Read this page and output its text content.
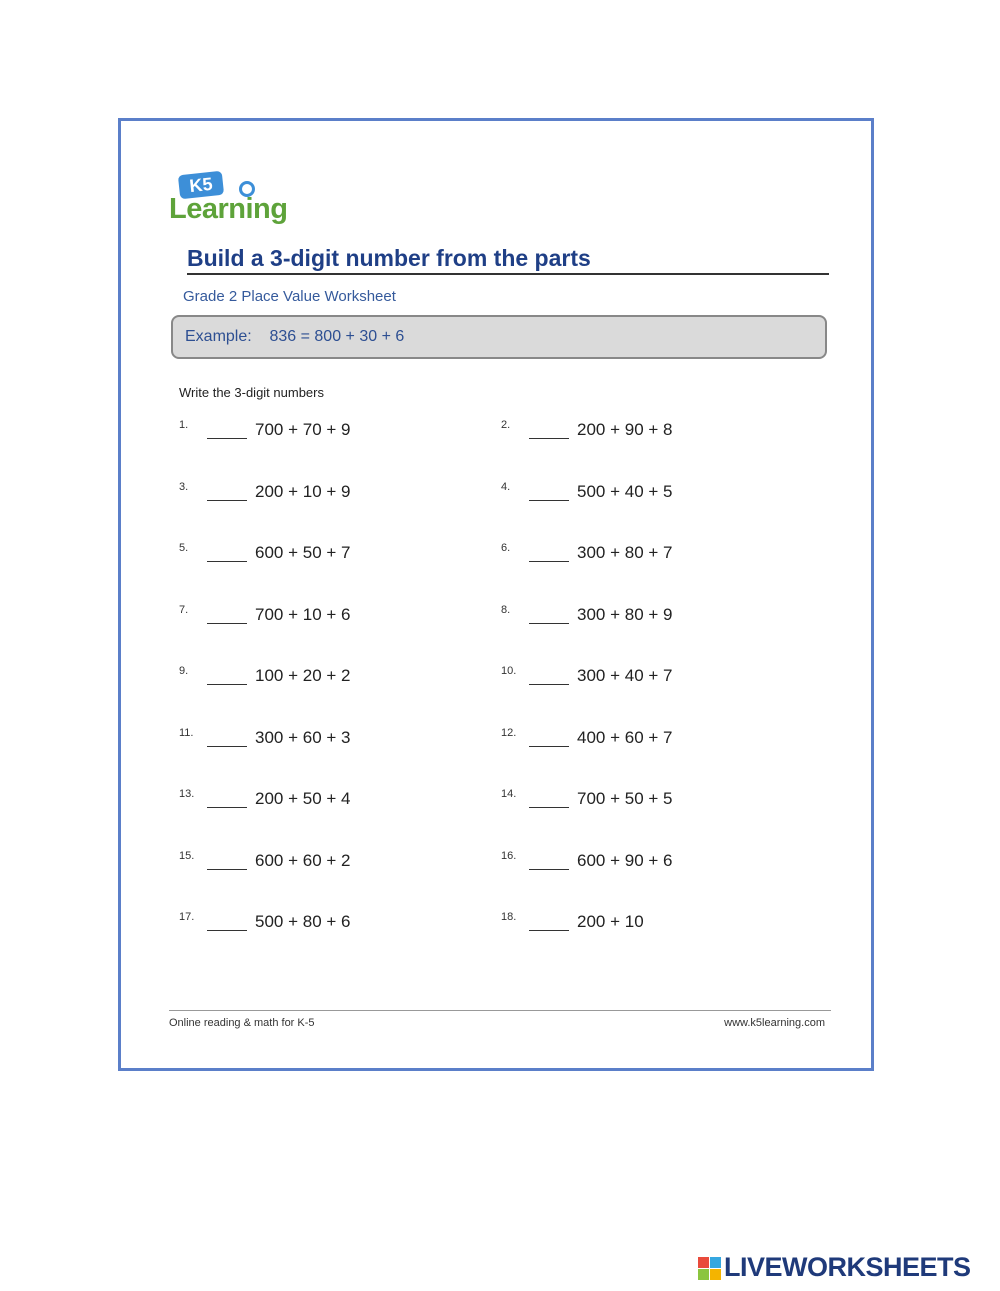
K5
Learning
Build a 3-digit number from the parts
Grade 2 Place Value Worksheet
Example:    836 = 800 + 30 + 6
Write the 3-digit numbers
1.	700 + 70 + 9	2.	200 + 90 + 8
3.	200 + 10 + 9	4.	500 + 40 + 5
5.	600 + 50 + 7	6.	300 + 80 + 7
7.	700 + 10 + 6	8.	300 + 80 + 9
9.	100 + 20 + 2	10.	300 + 40 + 7
11.	300 + 60 + 3	12.	400 + 60 + 7
13.	200 + 50 + 4	14.	700 + 50 + 5
15.	600 + 60 + 2	16.	600 + 90 + 6
17.	500 + 80 + 6	18.	200 + 10
Online reading & math for K-5	www.k5learning.com
LIVEWORKSHEETS
